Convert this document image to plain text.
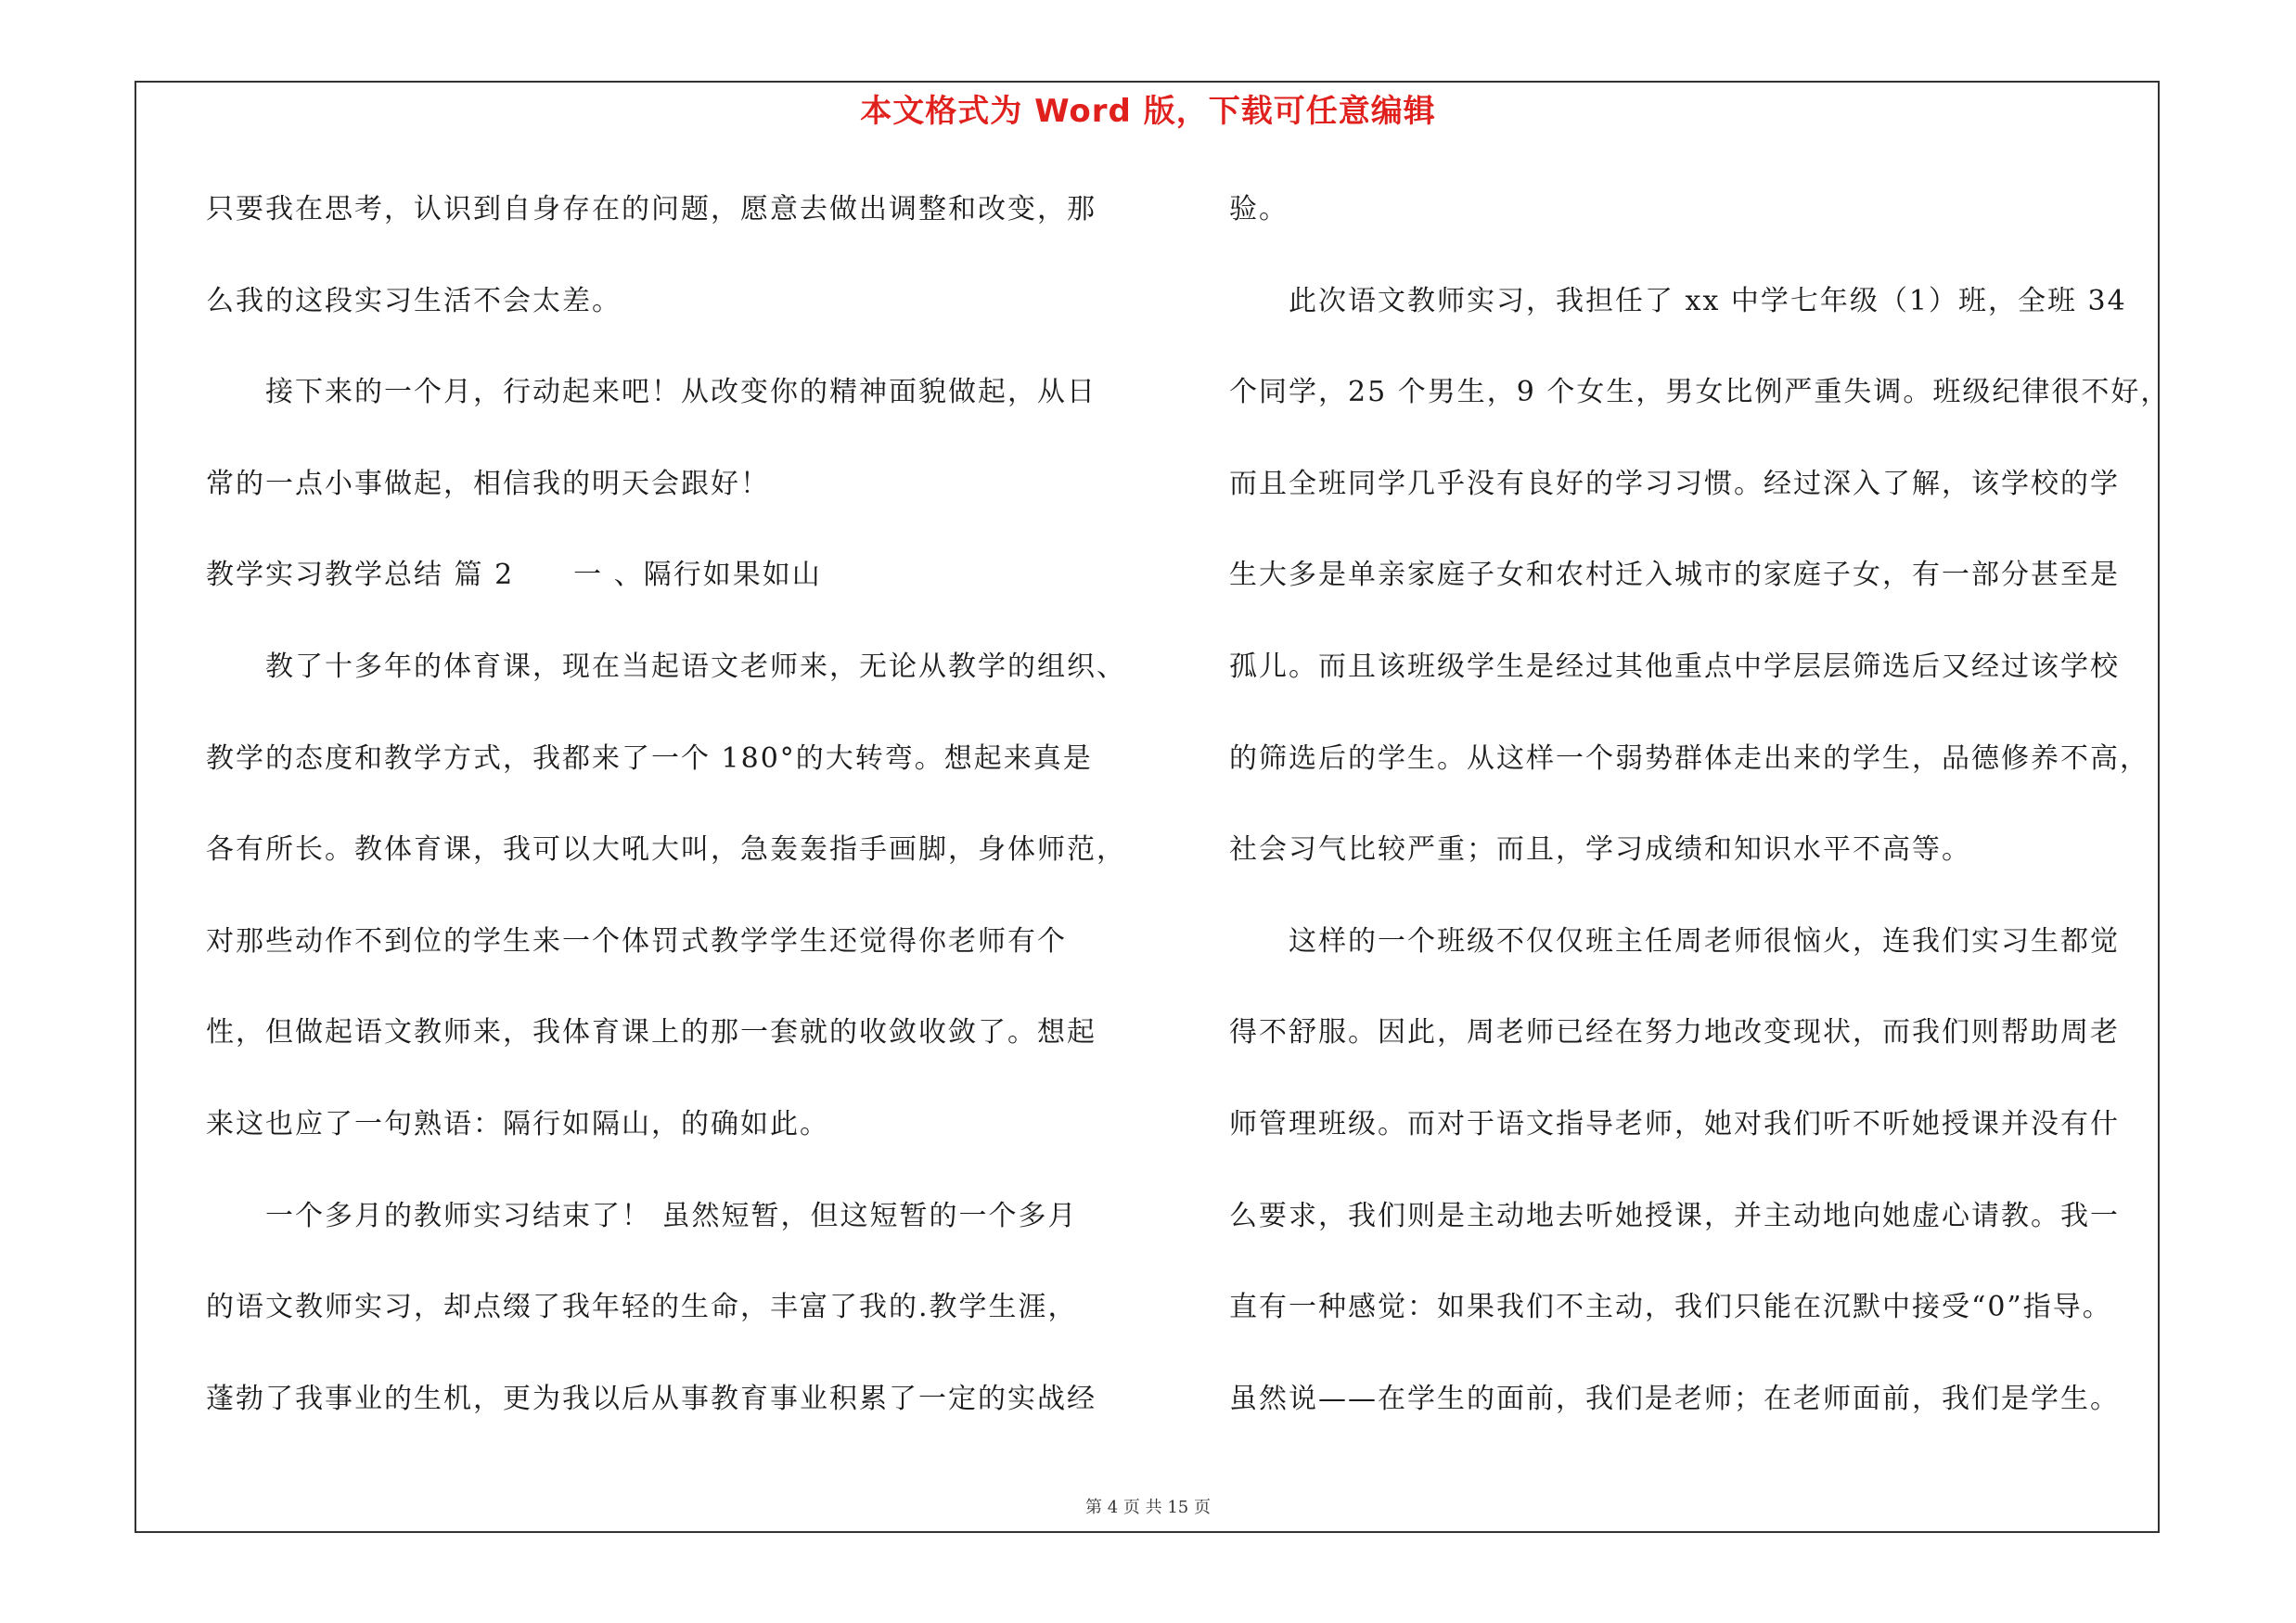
本文格式为 Word 版，下载可任意编辑
只要我在思考，认识到自身存在的问题，愿意去做出调整和改变，那
么我的这段实习生活不会太差。
接下来的一个月，行动起来吧！从改变你的精神面貌做起，从日
常的一点小事做起，相信我的明天会跟好！
教学实习教学总结 篇 2　　一 、隔行如果如山
教了十多年的体育课，现在当起语文老师来，无论从教学的组织、
教学的态度和教学方式，我都来了一个 180°的大转弯。想起来真是
各有所长。教体育课，我可以大吼大叫，急轰轰指手画脚，身体师范，
对那些动作不到位的学生来一个体罚式教学学生还觉得你老师有个
性，但做起语文教师来，我体育课上的那一套就的收敛收敛了。想起
来这也应了一句熟语：隔行如隔山，的确如此。
一个多月的教师实习结束了！ 虽然短暂，但这短暂的一个多月
的语文教师实习，却点缀了我年轻的生命，丰富了我的.教学生涯，
蓬勃了我事业的生机，更为我以后从事教育事业积累了一定的实战经
验。
此次语文教师实习，我担任了 xx 中学七年级（1）班，全班 34
个同学，25 个男生，9 个女生，男女比例严重失调。班级纪律很不好，
而且全班同学几乎没有良好的学习习惯。经过深入了解，该学校的学
生大多是单亲家庭子女和农村迁入城市的家庭子女，有一部分甚至是
孤儿。而且该班级学生是经过其他重点中学层层筛选后又经过该学校
的筛选后的学生。从这样一个弱势群体走出来的学生，品德修养不高，
社会习气比较严重；而且，学习成绩和知识水平不高等。
这样的一个班级不仅仅班主任周老师很恼火，连我们实习生都觉
得不舒服。因此，周老师已经在努力地改变现状，而我们则帮助周老
师管理班级。而对于语文指导老师，她对我们听不听她授课并没有什
么要求，我们则是主动地去听她授课，并主动地向她虚心请教。我一
直有一种感觉：如果我们不主动，我们只能在沉默中接受“0”指导。
虽然说——在学生的面前，我们是老师；在老师面前，我们是学生。
第 4 页 共 15 页
